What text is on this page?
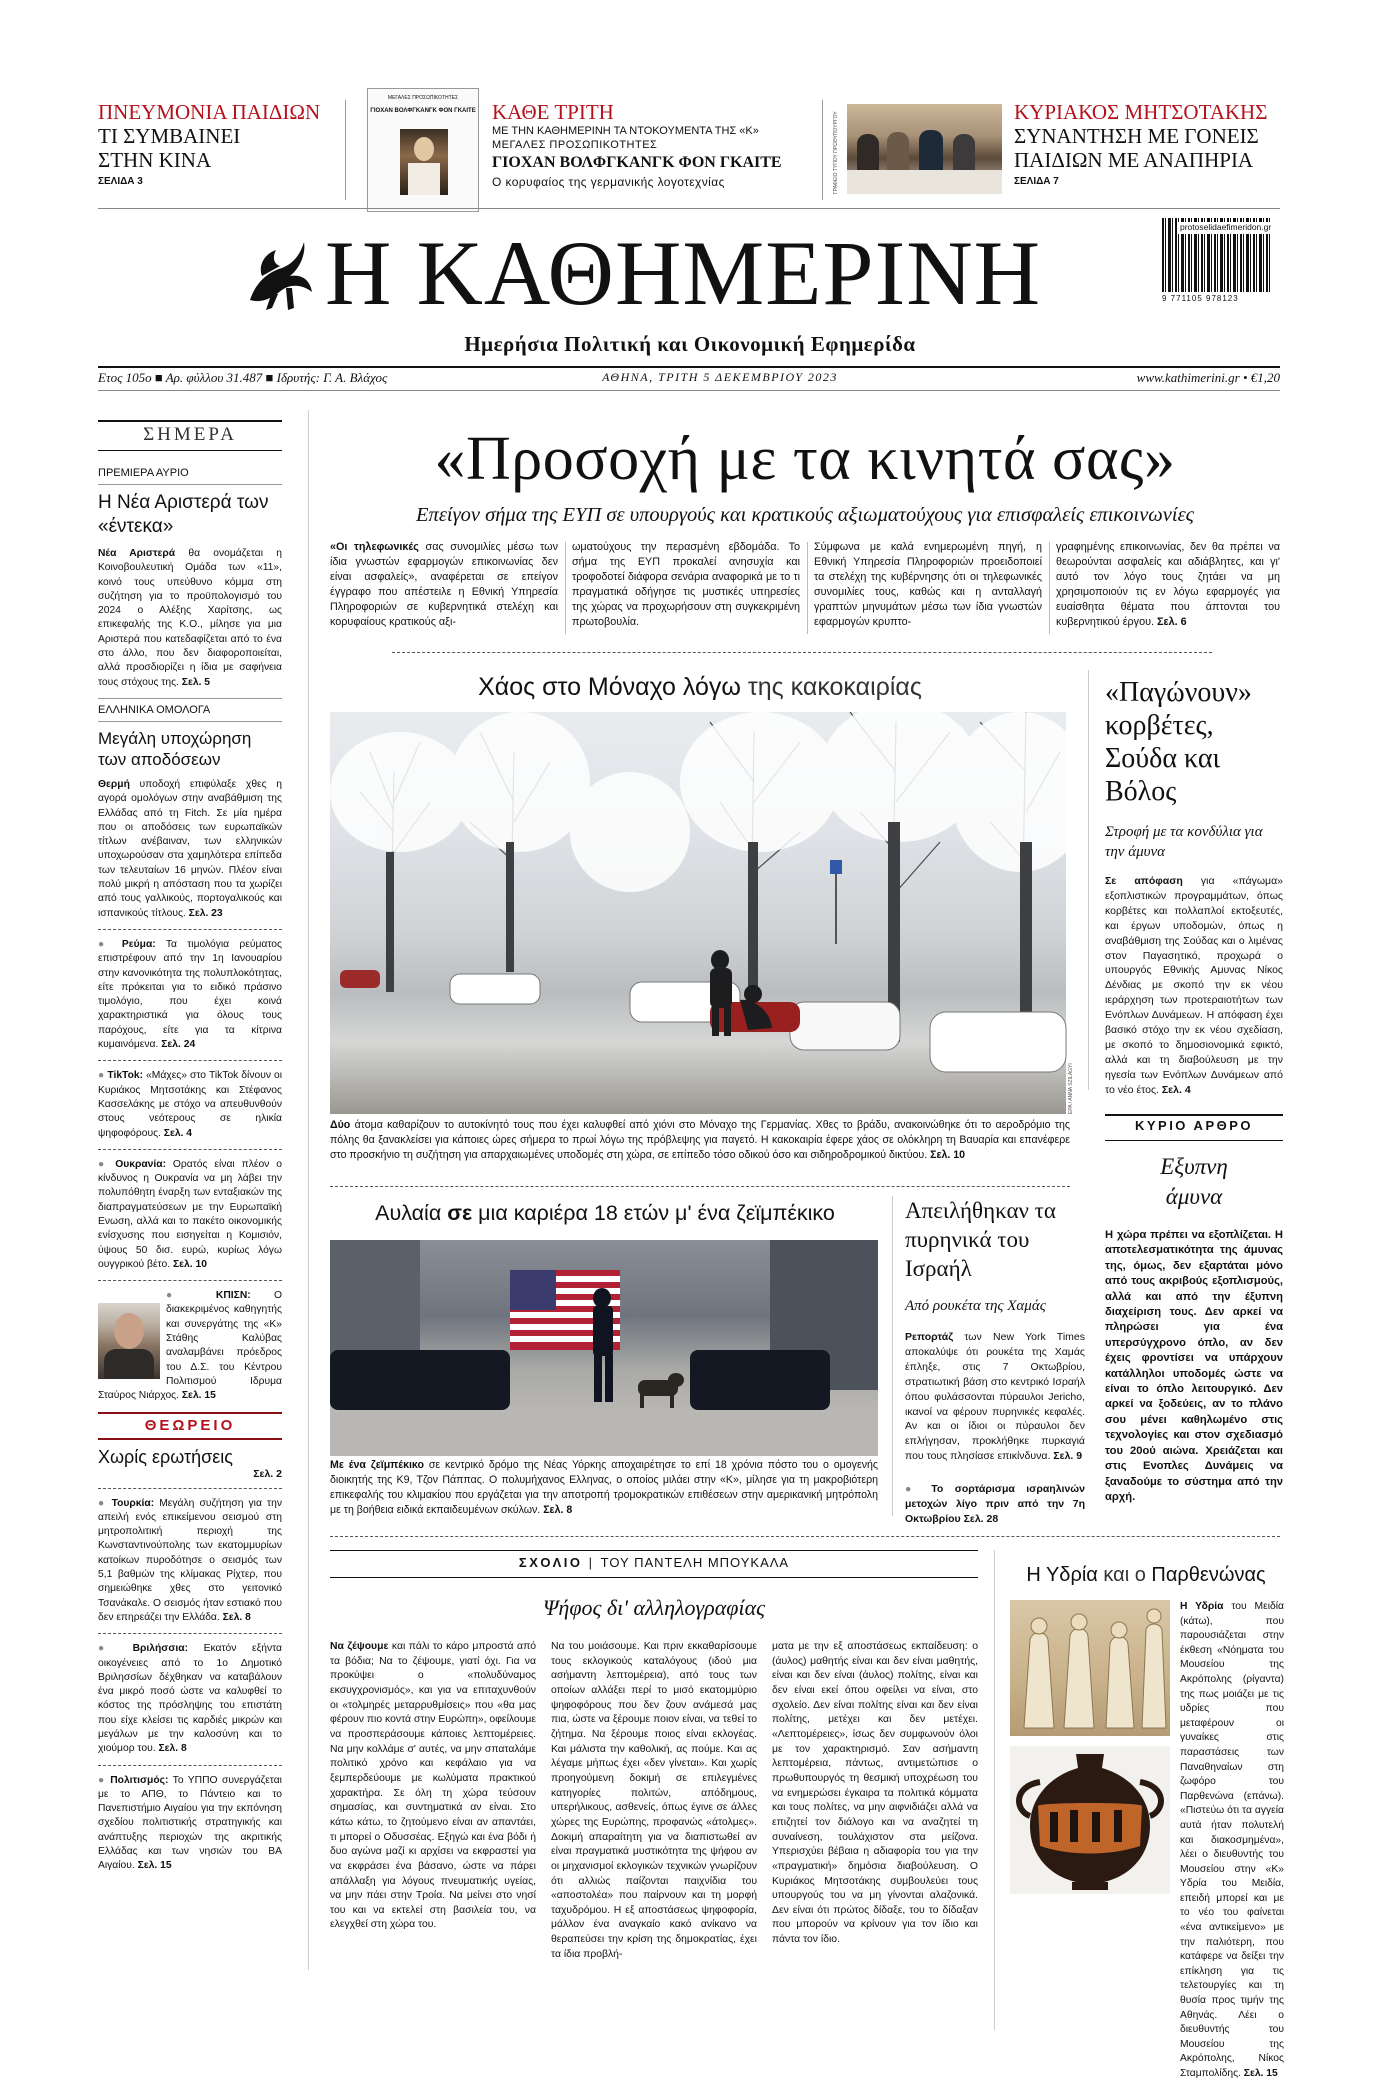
ΠΝΕΥΜΟΝΙΑ ΠΑΙΔΙΩΝ
ΤΙ ΣΥΜΒΑΙΝΕΙ
ΣΤΗΝ ΚΙΝΑ
ΣΕΛΙΔΑ 3
ΜΕΓΑΛΕΣ ΠΡΟΣΩΠΙΚΟΤΗΤΕΣ
ΓΙΟΧΑΝ ΒΟΛΦΓΚΑΝΓΚ ΦΟΝ ΓΚΑΙΤΕ ΚΑΘΕ ΤΡΙΤΗ
ΜΕ ΤΗΝ ΚΑΘΗΜΕΡΙΝΗ ΤΑ ΝΤΟΚΟΥΜΕΝΤΑ ΤΗΣ «Κ»
ΜΕΓΑΛΕΣ ΠΡΟΣΩΠΙΚΟΤΗΤΕΣ
ΓΙΟΧΑΝ ΒΟΛΦΓΚΑΝΓΚ ΦΟΝ ΓΚΑΙΤΕ
Ο κορυφαίος της γερμανικής λογοτεχνίας	ΓΡΑΦΕΙΟ ΤΥΠΟΥ ΠΡΩΘΥΠΟΥΡΓΟΥ	ΚΥΡΙΑΚΟΣ ΜΗΤΣΟΤΑΚΗΣ
ΣΥΝΑΝΤΗΣΗ ΜΕ ΓΟΝΕΙΣ
ΠΑΙΔΙΩΝ ΜΕ ΑΝΑΠΗΡΙΑ
ΣΕΛΙΔΑ 7
Η ΚΑΘΗΜΕΡΙΝΗ	9 771105 978123
protoselidaefimeridon.gr
Ημερήσια Πολιτική και Οικονομική Εφημερίδα
Ετος 105ο ■ Αρ. φύλλου 31.487 ■ Ιδρυτής: Γ. Α. Βλάχος	ΑΘΗΝΑ, ΤΡΙΤΗ 5 ΔΕΚΕΜΒΡΙΟΥ 2023	www.kathimerini.gr • €1,20
ΣΗΜΕΡΑ
ΠΡΕΜΙΕΡΑ ΑΥΡΙΟ
Η Νέα Αριστερά των «έντεκα»
Νέα Αριστερά θα ονομάζεται η Κοινοβουλευτική Ομάδα των «11», κοινό τους υπεύθυνο κόμμα στη συζήτηση για το προϋπολογισμό του 2024 ο Αλέξης Χαρίτσης, ως επικεφαλής της Κ.Ο., μίλησε για μια Αριστερά που κατεδαφίζεται από το ένα στο άλλο, που δεν διαφοροποιείται, αλλά προσδιορίζει η ίδια με σαφήνεια τους στόχους της. Σελ. 5
ΕΛΛΗΝΙΚΑ ΟΜΟΛΟΓΑ
Μεγάλη υποχώρηση των αποδόσεων
Θερμή υποδοχή επιφύλαξε χθες η αγορά ομολόγων στην αναβάθμιση της Ελλάδας από τη Fitch. Σε μία ημέρα που οι αποδόσεις των ευρωπαϊκών τίτλων ανέβαιναν, των ελληνικών υποχωρούσαν στα χαμηλότερα επίπεδα των τελευταίων 16 μηνών. Πλέον είναι πολύ μικρή η απόσταση που τα χωρίζει από τους γαλλικούς, πορτογαλικούς και ισπανικούς τίτλους. Σελ. 23
● Ρεύμα: Τα τιμολόγια ρεύματος επιστρέφουν από την 1η Ιανουαρίου στην κανονικότητα της πολυπλοκότητας, είτε πρόκειται για το ειδικό πράσινο τιμολόγιο, που έχει κοινά χαρακτηριστικά για όλους τους παρόχους, είτε για τα κίτρινα κυμαινόμενα. Σελ. 24
● TikTok: «Μάχες» στο TikTok δίνουν οι Κυριάκος Μητσοτάκης και Στέφανος Κασσελάκης με στόχο να απευθυνθούν στους νεότερους σε ηλικία ψηφοφόρους. Σελ. 4
● Ουκρανία: Ορατός είναι πλέον ο κίνδυνος η Ουκρανία να μη λάβει την πολυπόθητη έναρξη των ενταξιακών της διαπραγματεύσεων με την Ευρωπαϊκή Ενωση, αλλά και το πακέτο οικονομικής ενίσχυσης που εισηγείται η Κομισιόν, ύψους 50 δισ. ευρώ, κυρίως λόγω ουγγρικού βέτο. Σελ. 10
● ΚΠΙΣΝ: Ο διακεκριμένος καθηγητής και συνεργάτης της «Κ» Στάθης Καλύβας αναλαμβάνει πρόεδρος του Δ.Σ. του Κέντρου Πολιτισμού Ιδρυμα Σταύρος Νιάρχος. Σελ. 15
ΘΕΩΡΕΙΟ
Χωρίς ερωτήσεις
Σελ. 2
● Τουρκία: Μεγάλη συζήτηση για την απειλή ενός επικείμενου σεισμού στη μητροπολιτική περιοχή της Κωνσταντινούπολης των εκατομμυρίων κατοίκων πυροδότησε ο σεισμός των 5,1 βαθμών της κλίμακας Ρίχτερ, που σημειώθηκε χθες στο γειτονικό Τσανάκαλε. Ο σεισμός ήταν εστιακό που δεν επηρεάζει την Ελλάδα. Σελ. 8
● Βριλήσσια: Εκατόν εξήντα οικογένειες από το 1ο Δημοτικό Βριλησσίων δέχθηκαν να καταβάλουν ένα μικρό ποσό ώστε να καλυφθεί το κόστος της πρόσληψης του επιστάτη που είχε κλείσει τις καρδιές μικρών και μεγάλων με την καλοσύνη και το χιούμορ του. Σελ. 8
● Πολιτισμός: Το ΥΠΠΟ συνεργάζεται με το ΑΠΘ, το Πάντειο και το Πανεπιστήμιο Αιγαίου για την εκπόνηση σχεδίου πολιτιστικής στρατηγικής και ανάπτυξης περιοχών της ακριτικής Ελλάδας και των νησιών του ΒΑ Αιγαίου. Σελ. 15
«Προσοχή με τα κινητά σας»
Επείγον σήμα της ΕΥΠ σε υπουργούς και κρατικούς αξιωματούχους για επισφαλείς επικοινωνίες
«Οι τηλεφωνικές σας συνομιλίες μέσω των ίδια γνωστών εφαρμογών επικοινωνίας δεν είναι ασφαλείς», αναφέρεται σε επείγον έγγραφο που απέστειλε η Εθνική Υπηρεσία Πληροφοριών σε κυβερνητικά στελέχη και κορυφαίους κρατικούς αξι-
ωματούχους την περασμένη εβδομάδα. Το σήμα της ΕΥΠ προκαλεί ανησυχία και τροφοδοτεί διάφορα σενάρια αναφορικά με το τι πραγματικά οδήγησε τις μυστικές υπηρεσίες της χώρας να προχωρήσουν στη συγκεκριμένη πρωτοβουλία.
Σύμφωνα με καλά ενημερωμένη πηγή, η Εθνική Υπηρεσία Πληροφοριών προειδοποιεί τα στελέχη της κυβέρνησης ότι οι τηλεφωνικές συνομιλίες τους, καθώς και η ανταλλαγή γραπτών μηνυμάτων μέσω των ίδια γνωστών εφαρμογών κρυπτο-
γραφημένης επικοινωνίας, δεν θα πρέπει να θεωρούνται ασφαλείς και αδιάβλητες, και γι' αυτό τον λόγο τους ζητάει να μη χρησιμοποιούν τις εν λόγω εφαρμογές για ευαίσθητα θέματα που άπτονται του κυβερνητικού έργου. Σελ. 6
Χάος στο Μόναχο λόγω της κακοκαιρίας
EPA / ANNA SZILAGYI
Δύο άτομα καθαρίζουν το αυτοκίνητό τους που έχει καλυφθεί από χιόνι στο Μόναχο της Γερμανίας. Χθες το βράδυ, ανακοινώθηκε ότι το αεροδρόμιο της πόλης θα ξανακλείσει για κάποιες ώρες σήμερα το πρωί λόγω της πρόβλεψης για παγετό. Η κακοκαιρία έφερε χάος σε ολόκληρη τη Βαυαρία και επανέφερε στο προσκήνιο τη συζήτηση για απαρχαιωμένες υποδομές στη χώρα, σε επίπεδο τόσο οδικού όσο και σιδηροδρομικού δικτύου. Σελ. 10
«Παγώνουν» κορβέτες, Σούδα και Βόλος
Στροφή με τα κονδύλια για την άμυνα
Σε απόφαση για «πάγωμα» εξοπλιστικών προγραμμάτων, όπως κορβέτες και πολλαπλοί εκτοξευτές, και έργων υποδομών, όπως η αναβάθμιση της Σούδας και ο λιμένας στον Παγασητικό, προχωρά ο υπουργός Εθνικής Αμυνας Νίκος Δένδιας με σκοπό την εκ νέου ιεράρχηση των προτεραιοτήτων των Ενόπλων Δυνάμεων. Η απόφαση έχει βασικό στόχο την εκ νέου σχεδίαση, με σκοπό το δημοσιονομικά εφικτό, αλλά και τη διαβούλευση με την ηγεσία των Ενόπλων Δυνάμεων από το νέο έτος. Σελ. 4
ΚΥΡΙΟ ΑΡΘΡΟ
Εξυπνη άμυνα
Η χώρα πρέπει να εξοπλίζεται. Η αποτελεσματικότητα της άμυνας της, όμως, δεν εξαρτάται μόνο από τους ακριβούς εξοπλισμούς, αλλά και από την έξυπνη διαχείριση τους. Δεν αρκεί να πληρώσει για ένα υπερσύγχρονο όπλο, αν δεν έχεις φροντίσει να υπάρχουν κατάλληλοι υποδομές ώστε να είναι το όπλο λειτουργικό. Δεν αρκεί να ξοδεύεις, αν το πλάνο σου μένει καθηλωμένο στις τεχνολογίες και στον σχεδιασμό του 20ού αιώνα. Χρειάζεται και στις Ενοπλες Δυνάμεις να ξαναδούμε το σύστημα από την αρχή.
Αυλαία σε μια καριέρα 18 ετών μ' ένα ζεϊμπέκικο
Με ένα ζεϊμπέκικο σε κεντρικό δρόμο της Νέας Υόρκης αποχαιρέτησε το επί 18 χρόνια πόστο του ο ομογενής διοικητής της Κ9, Τζον Πάππας. Ο πολυμήχανος Ελληνας, ο οποίος μιλάει στην «Κ», μίλησε για τη μακροβιότερη επικεφαλής του κλιμακίου που εργάζεται για την αποτροπή τρομοκρατικών επιθέσεων στην αμερικανική μητρόπολη με τη βοήθεια ειδικά εκπαιδευμένων σκύλων. Σελ. 8
Απειλήθηκαν τα πυρηνικά του Ισραήλ
Από ρουκέτα της Χαμάς
Ρεπορτάζ των New York Times αποκαλύψε ότι ρουκέτα της Χαμάς έπληξε, στις 7 Οκτωβρίου, στρατιωτική βάση στο κεντρικό Ισραήλ όπου φυλάσσονται πύραυλοι Jericho, ικανοί να φέρουν πυρηνικές κεφαλές. Αν και οι ίδιοι οι πύραυλοι δεν επλήγησαν, προκλήθηκε πυρκαγιά που τους πλησίασε επικίνδυνα. Σελ. 9
● Το σορτάρισμα ισραηλινών μετοχών λίγο πριν από την 7η Οκτωβρίου Σελ. 28
ΣΧΟΛΙΟ | ΤΟΥ ΠΑΝΤΕΛΗ ΜΠΟΥΚΑΛΑ
Ψήφος δι' αλληλογραφίας
Να ζέψουμε και πάλι το κάρο μπροστά από τα βόδια; Να το ζέψουμε, γιατί όχι. Για να προκύψει ο «πολυδύναμος εκσυγχρονισμός», και για να επιταχυνθούν οι «τολμηρές μεταρρυθμίσεις» που «θα μας φέρουν πιο κοντά στην Ευρώπη», οφείλουμε να προσπεράσουμε κάποιες λεπτομέρειες. Να μην κολλάμε σ' αυτές, να μην σπαταλάμε πολιτικό χρόνο και κεφάλαιο για να ξεμπερδεύουμε με κωλύματα πρακτικού χαρακτήρα. Σε όλη τη χώρα τεύσουν σημασίας, και συντηματικά αν είναι. Στο κάτω κάτω, το ζητούμενο είναι αν απαντάει, τι μπορεί ο Οδυσσέας. Εξηγώ και ένα βόδι ή δυο αγώνα μαζί κι αρχίσει να εκφραστεί για να εκφράσει ένα βάσανο, ώστε να πάρει απάλλαξη για λόγους πνευματικής υγείας, να μην πάει στην Τροία. Να μείνει στο νησί του και να εκτελεί στη βασιλεία του, να ελεγχθεί στη χώρα του.
Να του μοιάσουμε. Και πριν εκκαθαρίσουμε τους εκλογικούς καταλόγους (ιδού μια ασήμαντη λεπτομέρεια), από τους των οποίων αλλάξει περί το μισό εκατομμύριο ψηφοφόρους που δεν ζουν ανάμεσά μας πια, ώστε να ξέρουμε ποιον είναι, να τεθεί το ζήτημα. Να ξέρουμε ποιος είναι εκλογέας. Και μάλιστα την καθολική, ας πούμε. Και ας λέγαμε μήπως έχει «δεν γίνεται». Και χωρίς προηγούμενη δοκιμή σε επιλεγμένες κατηγορίες πολιτών, απόδημους, υπερήλικους, ασθενείς, όπως έγινε σε άλλες χώρες της Ευρώπης, προφανώς «άτολμες». Δοκιμή απαραίτητη για να διαπιστωθεί αν είναι πραγματικά μυστικότητα της ψήφου αν οι μηχανισμοί εκλογικών τεχνικών γνωρίζουν ότι αλλιώς παίζονται παιχνίδια του «αποστολέα» που παίρνουν και τη μορφή ταχυδρόμου. Η εξ αποστάσεως ψηφοφορία, μάλλον ένα αναγκαίο κακό ανίκανο να θεραπεύσει την κρίση της δημοκρατίας, έχει τα ίδια προβλή-
ματα με την εξ αποστάσεως εκπαίδευση: ο (άυλος) μαθητής είναι και δεν είναι μαθητής, είναι και δεν είναι (άυλος) πολίτης, είναι και δεν είναι εκεί όπου οφείλει να είναι, στο σχολείο. Δεν είναι πολίτης είναι και δεν είναι πολίτης, μετέχει και δεν μετέχει. «Λεπτομέρειες», ίσως δεν συμφωνούν όλοι με τον χαρακτηρισμό. Σαν ασήμαντη λεπτομέρεια, πάντως, αντιμετώπισε ο πρωθυπουργός τη θεσμική υποχρέωση του να ενημερώσει έγκαιρα τα πολιτικά κόμματα και τους πολίτες, να μην αιφνιδιάζει αλλά να επιζητεί τον διάλογο και να αναζητεί τη συναίνεση, τουλάχιστον στα μείζονα. Υπερισχύει βέβαια η αδιαφορία του για την «πραγματική» δημόσια διαβούλευση. Ο Κυριάκος Μητσοτάκης συμβουλεύει τους υπουργούς του να μη γίνονται αλαζονικά. Δεν είναι ότι πρώτος δίδαξε, του το δίδαξαν που μπορούν να κρίνουν για τον ίδιο και πάντα τον ίδιο.
Η Υδρία και ο Παρθενώνας
Η Υδρία του Μειδία (κάτω), που παρουσιάζεται στην έκθεση «Νόηματα του Μουσείου της Ακρόπολης (ρίγαντα) της πως μοιάζει με τις υδρίες που μεταφέρουν οι γυναίκες στις παραστάσεις των Παναθηναίων στη ζωφόρο του Παρθενώνα (επάνω). «Πιστεύω ότι τα αγγεία αυτά ήταν πολυτελή και διακοσμημένα», λέει ο διευθυντής του Μουσείου στην «Κ» Υδρία του Μειδία, επειδή μπορεί και με το νέο του φαίνεται «ένα αντικείμενο» με την παλιότερη, που κατάφερε να δείξει την επίκληση για τις τελετουργίες και τη θυσία προς τιμήν της Αθηνάς. Λέει ο διευθυντής του Μουσείου της Ακρόπολης, Νίκος Σταμπολίδης. Σελ. 15
